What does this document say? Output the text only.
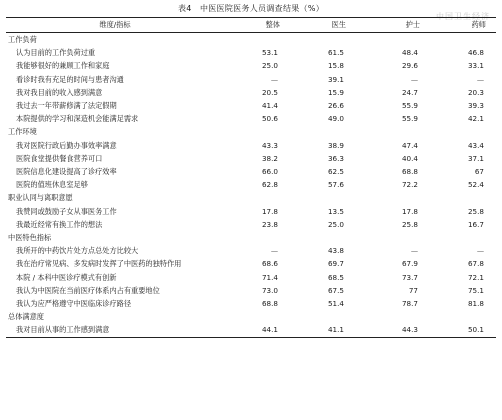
表4　中医医院医务人员调查结果（%）
中国卫生经济
维度/指标	整体	医生	护士	药师
工作负荷				
认为目前的工作负荷过重	53.1	61.5	48.4	46.8
我能够很好的兼顾工作和家庭	25.0	15.8	29.6	33.1
看诊时我有充足的时间与患者沟通	—	39.1	—	—
我对我目前的收入感到满意	20.5	15.9	24.7	20.3
我过去一年带薪修满了法定假期	41.4	26.6	55.9	39.3
本院提供的学习和深造机会能满足需求	50.6	49.0	55.9	42.1
工作环境				
我对医院行政后勤办事效率满意	43.3	38.9	47.4	43.4
医院食堂提供餐食营养可口	38.2	36.3	40.4	37.1
医院信息化建设提高了诊疗效率	66.0	62.5	68.8	67
医院的值班休息室足够	62.8	57.6	72.2	52.4
职业认同与离职意愿				
我赞同或鼓励子女从事医务工作	17.8	13.5	17.8	25.8
我最近经常有换工作的想法	23.8	25.0	25.8	16.7
中医特色指标				
我所开的中药饮片处方点总处方比较大	—	43.8	—	—
我在治疗常见病、多发病时发挥了中医药的独特作用	68.6	69.7	67.9	67.8
本院 / 本科中医诊疗模式有创新	71.4	68.5	73.7	72.1
我认为中医院在当前医疗体系内占有重要地位	73.0	67.5	77	75.1
我认为应严格遵守中医临床诊疗路径	68.8	51.4	78.7	81.8
总体满意度				
我对目前从事的工作感到满意	44.1	41.1	44.3	50.1
